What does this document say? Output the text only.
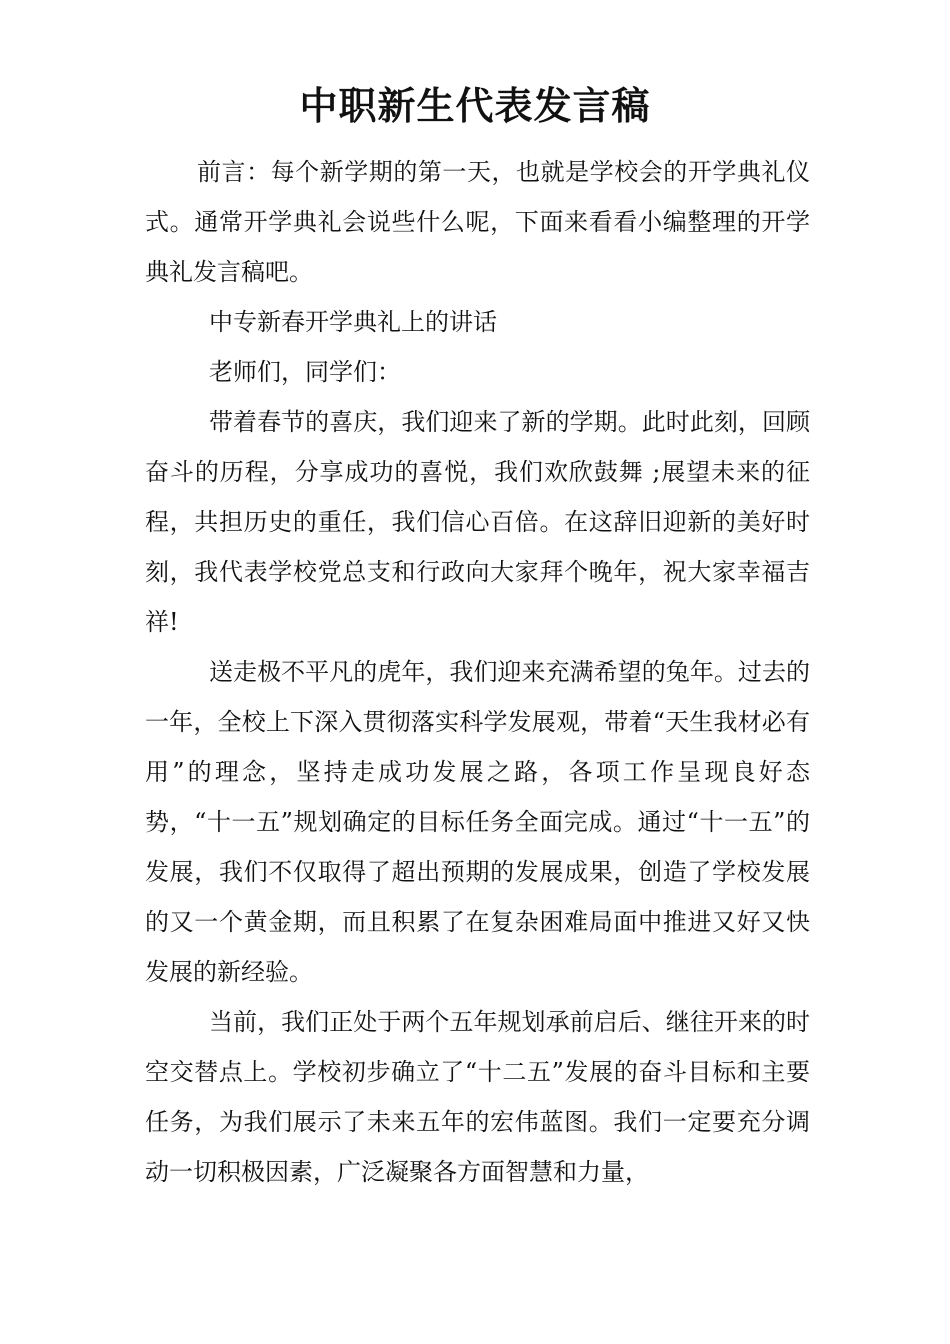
中职新生代表发言稿

前言：每个新学期的第一天，也就是学校会的开学典礼仪式。通常开学典礼会说些什么呢，下面来看看小编整理的开学典礼发言稿吧。

中专新春开学典礼上的讲话

老师们，同学们：

带着春节的喜庆，我们迎来了新的学期。此时此刻，回顾奋斗的历程，分享成功的喜悦，我们欢欣鼓舞 ;展望未来的征程，共担历史的重任，我们信心百倍。在这辞旧迎新的美好时刻，我代表学校党总支和行政向大家拜个晚年，祝大家幸福吉祥!

送走极不平凡的虎年，我们迎来充满希望的兔年。过去的一年，全校上下深入贯彻落实科学发展观，带着“天生我材必有用”的理念，坚持走成功发展之路，各项工作呈现良好态势，“十一五”规划确定的目标任务全面完成。通过“十一五”的发展，我们不仅取得了超出预期的发展成果，创造了学校发展的又一个黄金期，而且积累了在复杂困难局面中推进又好又快发展的新经验。

当前，我们正处于两个五年规划承前启后、继往开来的时空交替点上。学校初步确立了“十二五”发展的奋斗目标和主要任务，为我们展示了未来五年的宏伟蓝图。我们一定要充分调动一切积极因素，广泛凝聚各方面智慧和力量，
